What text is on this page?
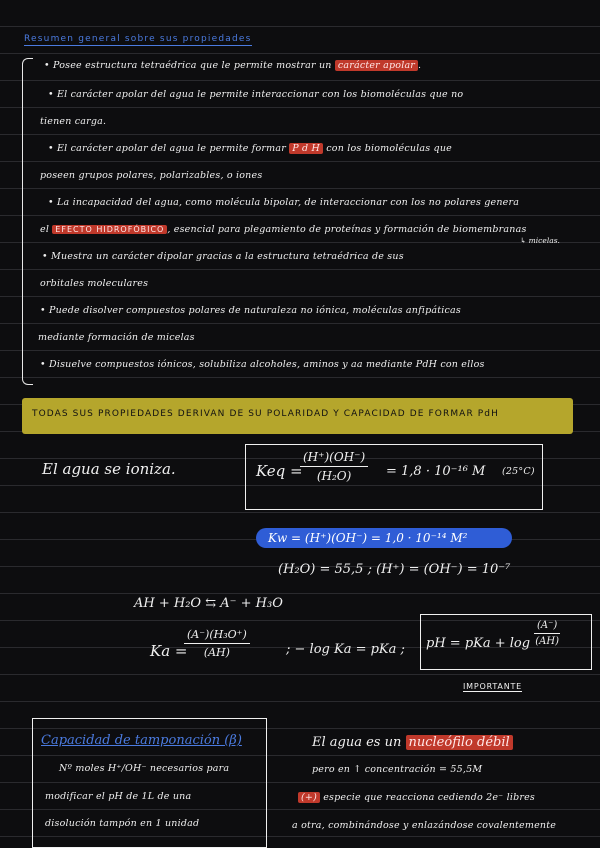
Resumen general sobre sus propiedades
• Posee estructura tetraédrica que le permite mostrar un carácter apolar .
• El carácter apolar del agua le permite interaccionar con los biomoléculas que no
tienen carga.
• El carácter apolar del agua le permite formar P d H con los biomoléculas que
poseen grupos polares, polarizables, o iones
• La incapacidad del agua, como molécula bipolar, de interaccionar con los no polares genera
el EFECTO HIDROFÓBICO , esencial para plegamiento de proteínas y formación de biomembranas
↳ micelas.
• Muestra un carácter dipolar gracias a la estructura tetraédrica de sus
orbitales moleculares
• Puede disolver compuestos polares de naturaleza no iónica, moléculas anfipáticas
mediante formación de micelas
• Disuelve compuestos iónicos, solubiliza alcoholes, aminos y aa mediante PdH con ellos
TODAS SUS PROPIEDADES DERIVAN DE SU POLARIDAD Y CAPACIDAD DE FORMAR PdH
El agua se ioniza.	Keq =
$\frac{(H^+)(OH^-)}{\text{(H₂O)}} = 1,8 \cdot 10^{-16}$ M (25°C)
Kw = (H⁺)(OH⁻) = 1,0 · 10⁻¹⁴ M²
(H₂O) = 55,5 ; (H⁺) = (OH⁻) = 10⁻⁷
AH + H₂O ⇆ A⁻ + H₃O
Ka =
$\frac{\text{(A⁻)(H₃O⁺)}}{(AH)}$	; − log Ka = pKa ; pH = pKa + $\log \frac{(A^-)}{(AH)}$
IMPORTANTE
Capacidad de tamponación (β)
Nº moles H⁺/OH⁻ necesarios para
modificar el pH de 1L de una
disolución tampón en 1 unidad
El agua es un nucleófilo débil
pero en ↑ concentración = 55,5M
(+) especie que reacciona cediendo 2e⁻ libres
a otra, combinándose y enlazándose covalentemente
